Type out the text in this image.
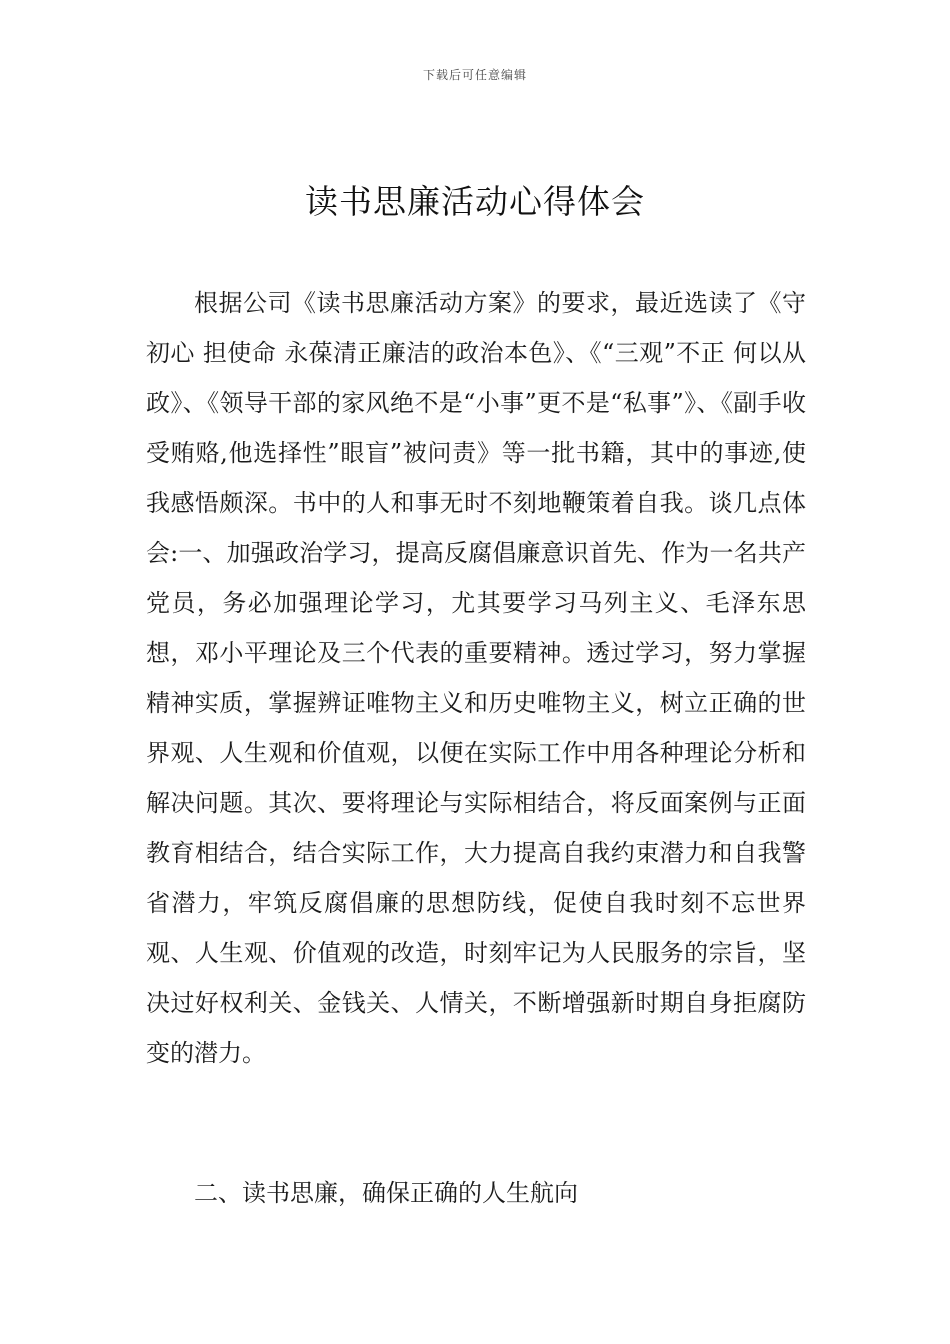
下载后可任意编辑
读书思廉活动心得体会

根据公司《读书思廉活动方案》的要求，最近选读了《守初心 担使命 永葆清正廉洁的政治本色》、《“三观”不正 何以从政》、《领导干部的家风绝不是“小事”更不是“私事”》、《副手收受贿赂,他选择性”眼盲”被问责》等一批书籍，其中的事迹,使我感悟颇深。书中的人和事无时不刻地鞭策着自我。谈几点体会:一、加强政治学习，提高反腐倡廉意识首先、作为一名共产党员，务必加强理论学习，尤其要学习马列主义、毛泽东思想，邓小平理论及三个代表的重要精神。透过学习，努力掌握精神实质，掌握辨证唯物主义和历史唯物主义，树立正确的世界观、人生观和价值观，以便在实际工作中用各种理论分析和解决问题。其次、要将理论与实际相结合，将反面案例与正面教育相结合，结合实际工作，大力提高自我约束潜力和自我警省潜力，牢筑反腐倡廉的思想防线，促使自我时刻不忘世界观、人生观、价值观的改造，时刻牢记为人民服务的宗旨，坚决过好权利关、金钱关、人情关，不断增强新时期自身拒腐防变的潜力。

二、读书思廉，确保正确的人生航向
